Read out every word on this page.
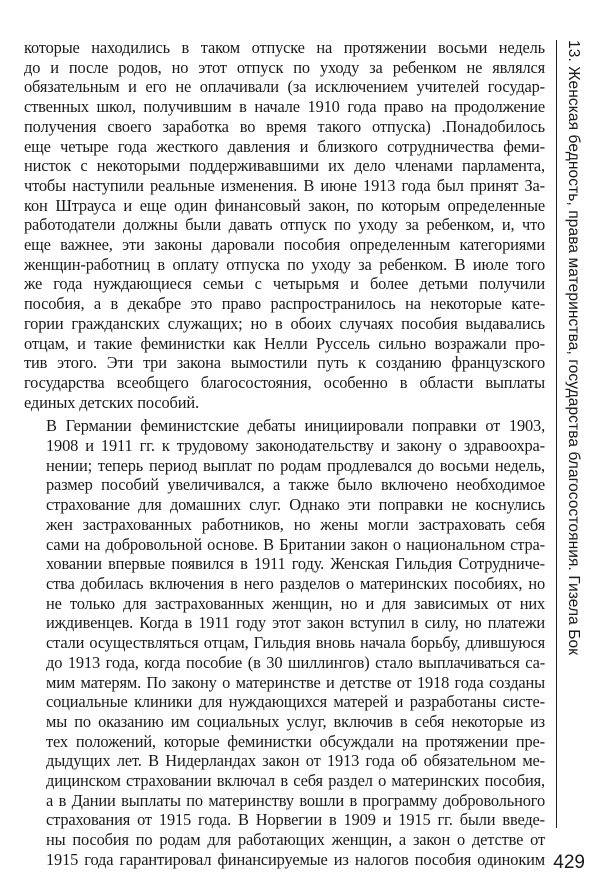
которые находились в таком отпуске на протяжении восьми недель
до и после родов, но этот отпуск по уходу за ребенком не являлся
обязательным и его не оплачивали (за исключением учителей государ-
ственных школ, получившим в начале 1910 года право на продолжение
получения своего заработка во время такого отпуска) .Понадобилось
еще четыре года жесткого давления и близкого сотрудничества феми-
нисток с некоторыми поддерживавшими их дело членами парламента,
чтобы наступили реальные изменения. В июне 1913 года был принят За-
кон Штрауса и еще один финансовый закон, по которым определенные
работодатели должны были давать отпуск по уходу за ребенком, и, что
еще важнее, эти законы даровали пособия определенным категориями
женщин-работниц в оплату отпуска по уходу за ребенком. В июле того
же года нуждающиеся семьи с четырьмя и более детьми получили
пособия, а в декабре это право распространилось на некоторые кате-
гории гражданских служащих; но в обоих случаях пособия выдавались
отцам, и такие феминистки как Нелли Руссель сильно возражали про-
тив этого. Эти три закона вымостили путь к созданию французского
государства всеобщего благосостояния, особенно в области выплаты
единых детских пособий.

В Германии феминистские дебаты инициировали поправки от 1903,
1908 и 1911 гг. к трудовому законодательству и закону о здравоохра-
нении; теперь период выплат по родам продлевался до восьми недель,
размер пособий увеличивался, а также было включено необходимое
страхование для домашних слуг. Однако эти поправки не коснулись
жен застрахованных работников, но жены могли застраховать себя
сами на добровольной основе. В Британии закон о национальном стра-
ховании впервые появился в 1911 году. Женская Гильдия Сотрудниче-
ства добилась включения в него разделов о материнских пособиях, но
не только для застрахованных женщин, но и для зависимых от них
иждивенцев. Когда в 1911 году этот закон вступил в силу, но платежи
стали осуществляться отцам, Гильдия вновь начала борьбу, длившуюся
до 1913 года, когда пособие (в 30 шиллингов) стало выплачиваться са-
мим матерям. По закону о материнстве и детстве от 1918 года созданы
социальные клиники для нуждающихся матерей и разработаны систе-
мы по оказанию им социальных услуг, включив в себя некоторые из
тех положений, которые феминистки обсуждали на протяжении пре-
дыдущих лет. В Нидерландах закон от 1913 года об обязательном ме-
дицинском страховании включал в себя раздел о материнских пособия,
а в Дании выплаты по материнству вошли в программу добровольного
страхования от 1915 года. В Норвегии в 1909 и 1915 гг. были введе-
ны пособия по родам для работающих женщин, а закон о детстве от
1915 года гарантировал финансируемые из налогов пособия одиноким

13. Женская бедность, права материнства, государства благосостояния. Гизела Бок
429
